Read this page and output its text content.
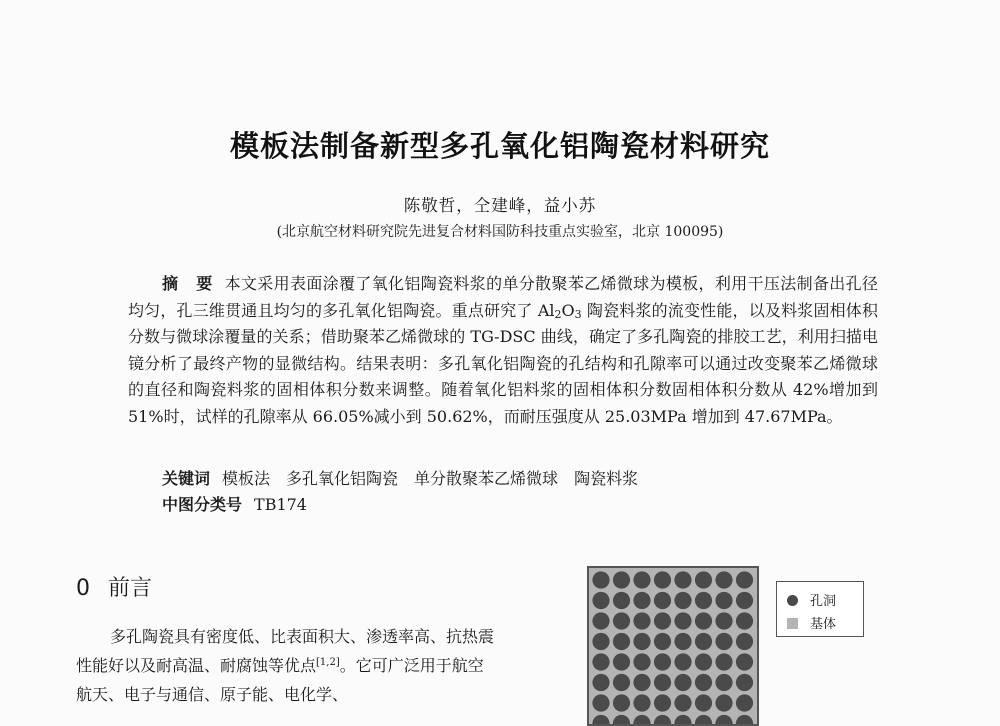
模板法制备新型多孔氧化铝陶瓷材料研究
陈敬哲，仝建峰，益小苏
(北京航空材料研究院先进复合材料国防科技重点实验室，北京 100095)

摘 要 本文采用表面涂覆了氧化铝陶瓷料浆的单分散聚苯乙烯微球为模板，利用干压法制备出孔径均匀，孔三维贯通且均匀的多孔氧化铝陶瓷。重点研究了 $Al_2O_3$ 陶瓷料浆的流变性能，以及料浆固相体积分数与微球涂覆量的关系；借助聚苯乙烯微球的 TG-DSC 曲线，确定了多孔陶瓷的排胶工艺，利用扫描电镜分析了最终产物的显微结构。结果表明：多孔氧化铝陶瓷的孔结构和孔隙率可以通过改变聚苯乙烯微球的直径和陶瓷料浆的固相体积分数来调整。随着氧化铝料浆的固相体积分数固相体积分数从 42%增加到 51%时，试样的孔隙率从 66.05%减小到 50.62%，而耐压强度从 25.03MPa 增加到 47.67MPa。

关键词 模板法 多孔氧化铝陶瓷 单分散聚苯乙烯微球 陶瓷料浆
中图分类号 TB174
0 前言

多孔陶瓷具有密度低、比表面积大、渗透率高、抗热震性能好以及耐高温、耐腐蚀等优点[1,2]。它可广泛用于航空航天、电子与通信、原子能、电化学、

孔洞
基体
